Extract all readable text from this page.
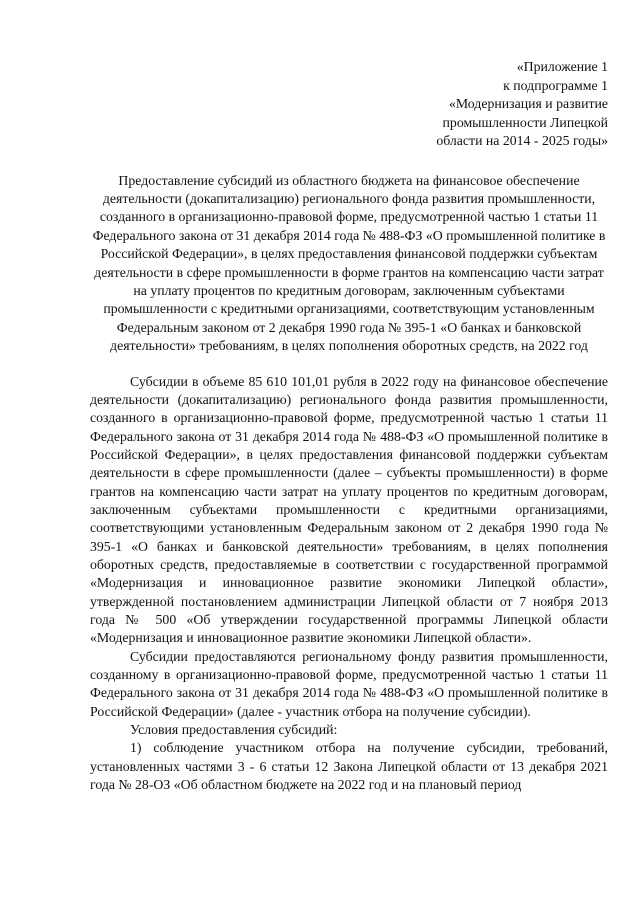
«Приложение 1
к подпрограмме 1
«Модернизация и развитие
промышленности Липецкой
области на 2014 - 2025 годы»
Предоставление субсидий из областного бюджета на финансовое обеспечение деятельности (докапитализацию) регионального фонда развития промышленности, созданного в организационно-правовой форме, предусмотренной частью 1 статьи 11 Федерального закона от 31 декабря 2014 года № 488-ФЗ «О промышленной политике в Российской Федерации», в целях предоставления финансовой поддержки субъектам деятельности в сфере промышленности в форме грантов на компенсацию части затрат на уплату процентов по кредитным договорам, заключенным субъектами промышленности с кредитными организациями, соответствующим установленным Федеральным законом от 2 декабря 1990 года № 395-1 «О банках и банковской деятельности» требованиям, в целях пополнения оборотных средств, на 2022 год

Субсидии в объеме 85 610 101,01 рубля в 2022 году на финансовое обеспечение деятельности (докапитализацию) регионального фонда развития промышленности, созданного в организационно-правовой форме, предусмотренной частью 1 статьи 11 Федерального закона от 31 декабря 2014 года № 488-ФЗ «О промышленной политике в Российской Федерации», в целях предоставления финансовой поддержки субъектам деятельности в сфере промышленности (далее – субъекты промышленности) в форме грантов на компенсацию части затрат на уплату процентов по кредитным договорам, заключенным субъектами промышленности с кредитными организациями, соответствующими установленным Федеральным законом от 2 декабря 1990 года № 395-1 «О банках и банковской деятельности» требованиям, в целях пополнения оборотных средств, предоставляемые в соответствии с государственной программой «Модернизация и инновационное развитие экономики Липецкой области», утвержденной постановлением администрации Липецкой области от 7 ноября 2013 года № 500 «Об утверждении государственной программы Липецкой области «Модернизация и инновационное развитие экономики Липецкой области».

Субсидии предоставляются региональному фонду развития промышленности, созданному в организационно-правовой форме, предусмотренной частью 1 статьи 11 Федерального закона от 31 декабря 2014 года № 488-ФЗ «О промышленной политике в Российской Федерации» (далее - участник отбора на получение субсидии).

Условия предоставления субсидий:

1) соблюдение участником отбора на получение субсидии, требований, установленных частями 3 - 6 статьи 12 Закона Липецкой области от 13 декабря 2021 года № 28-ОЗ «Об областном бюджете на 2022 год и на плановый период
